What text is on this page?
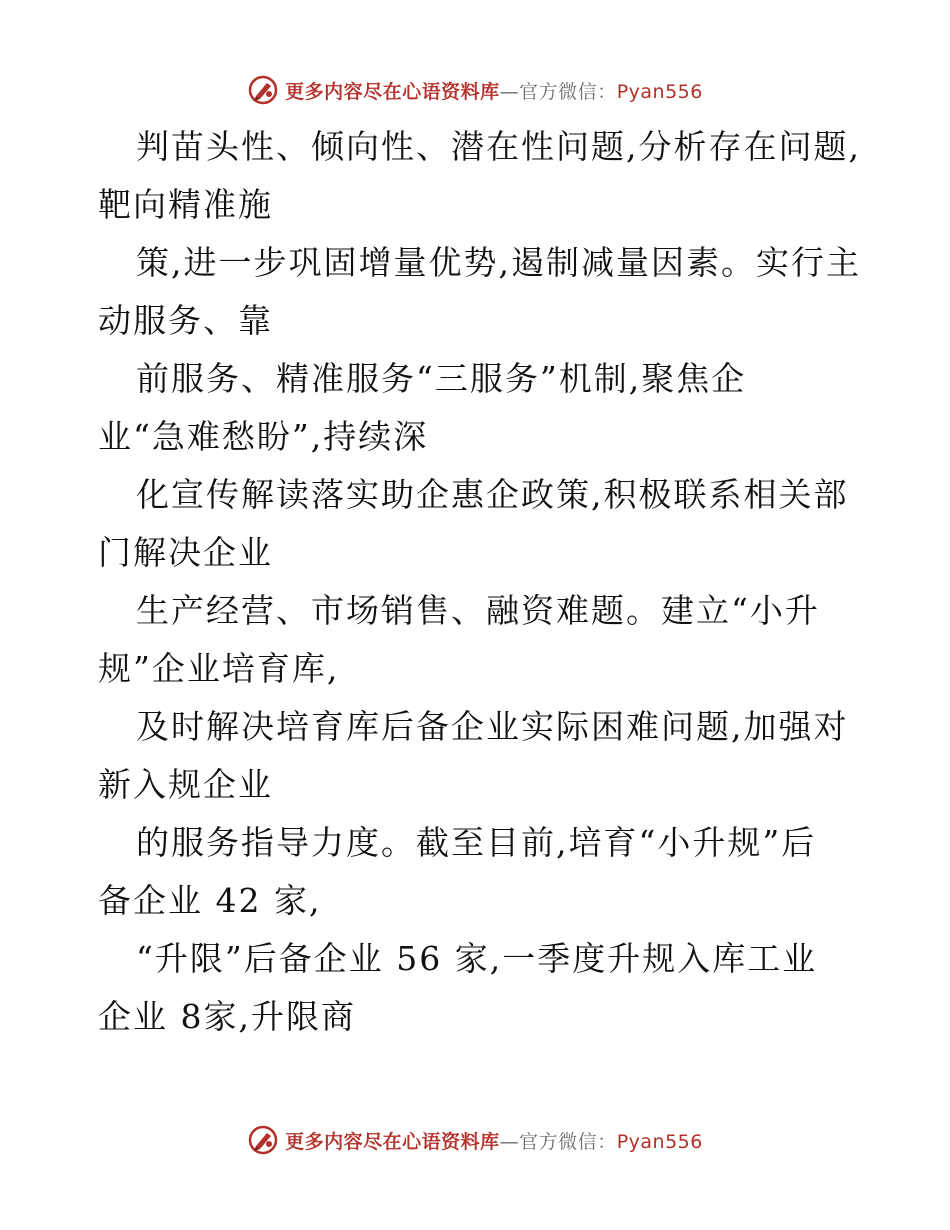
更多内容尽在心语资料库—官方微信：Pyan556
判苗头性、倾向性、潜在性问题,分析存在问题,
靶向精准施
策,进一步巩固增量优势,遏制减量因素。实行主
动服务、靠
前服务、精准服务“三服务”机制,聚焦企
业“急难愁盼”,持续深
化宣传解读落实助企惠企政策,积极联系相关部
门解决企业
生产经营、市场销售、融资难题。建立“小升
规”企业培育库,
及时解决培育库后备企业实际困难问题,加强对
新入规企业
的服务指导力度。截至目前,培育“小升规”后
备企业 42 家,
“升限”后备企业 56 家,一季度升规入库工业
企业 8家,升限商
更多内容尽在心语资料库—官方微信：Pyan556
